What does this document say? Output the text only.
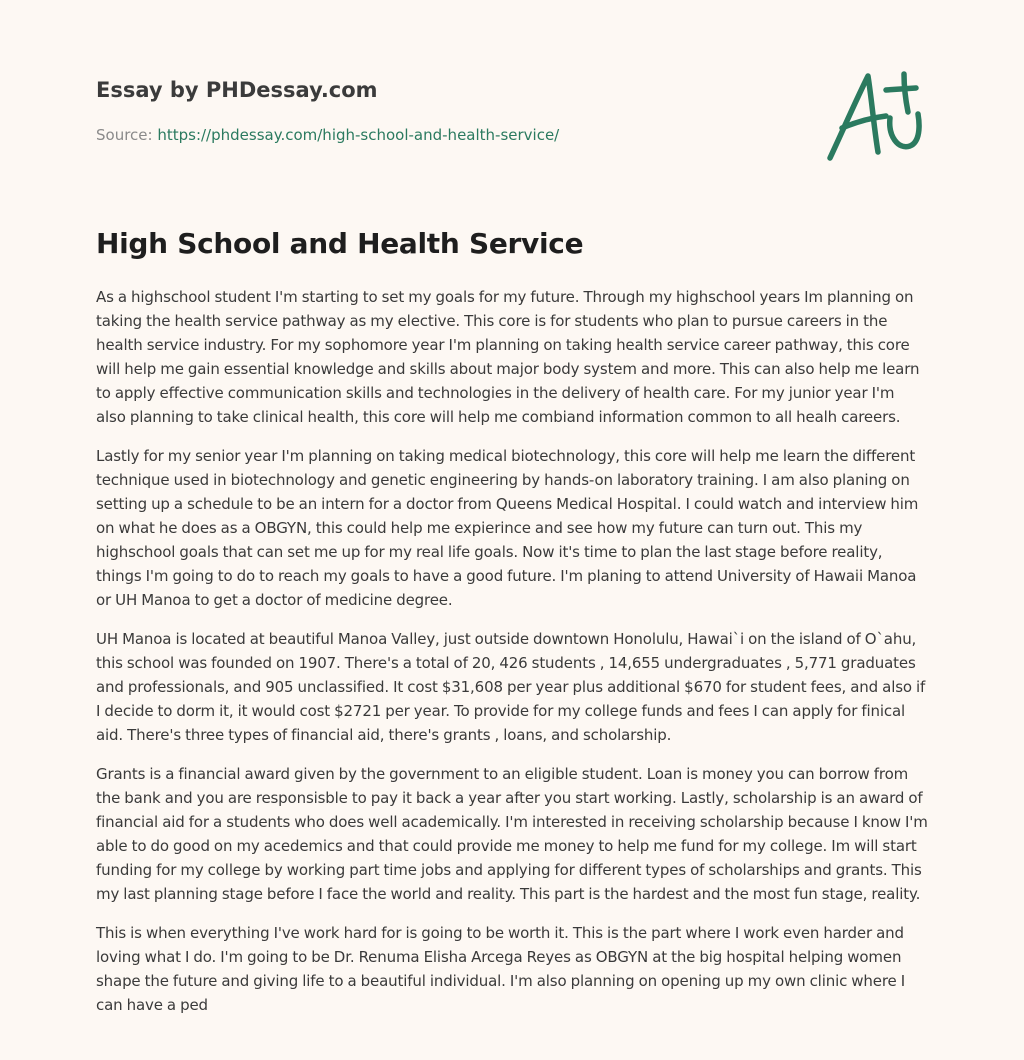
Essay by PHDessay.com
Source: https://phdessay.com/high-school-and-health-service/
High School and Health Service

As a highschool student I'm starting to set my goals for my future. Through my highschool years Im planning on taking the health service pathway as my elective. This core is for students who plan to pursue careers in the health service industry. For my sophomore year I'm planning on taking health service career pathway, this core will help me gain essential knowledge and skills about major body system and more. This can also help me learn to apply effective communication skills and technologies in the delivery of health care. For my junior year I'm also planning to take clinical health, this core will help me combiand information common to all healh careers.

Lastly for my senior year I'm planning on taking medical biotechnology, this core will help me learn the different technique used in biotechnology and genetic engineering by hands-on laboratory training. I am also planing on setting up a schedule to be an intern for a doctor from Queens Medical Hospital. I could watch and interview him on what he does as a OBGYN, this could help me expierince and see how my future can turn out. This my highschool goals that can set me up for my real life goals. Now it's time to plan the last stage before reality, things I'm going to do to reach my goals to have a good future. I'm planing to attend University of Hawaii Manoa or UH Manoa to get a doctor of medicine degree.

UH Manoa is located at beautiful Manoa Valley, just outside downtown Honolulu, Hawai`i on the island of O`ahu, this school was founded on 1907. There's a total of 20, 426 students , 14,655 undergraduates , 5,771 graduates and professionals, and 905 unclassified. It cost $31,608 per year plus additional $670 for student fees, and also if I decide to dorm it, it would cost $2721 per year. To provide for my college funds and fees I can apply for finical aid. There's three types of financial aid, there's grants , loans, and scholarship.

Grants is a financial award given by the government to an eligible student. Loan is money you can borrow from the bank and you are responsisble to pay it back a year after you start working. Lastly, scholarship is an award of financial aid for a students who does well academically. I'm interested in receiving scholarship because I know I'm able to do good on my acedemics and that could provide me money to help me fund for my college. Im will start funding for my college by working part time jobs and applying for different types of scholarships and grants. This my last planning stage before I face the world and reality. This part is the hardest and the most fun stage, reality.

This is when everything I've work hard for is going to be worth it. This is the part where I work even harder and loving what I do. I'm going to be Dr. Renuma Elisha Arcega Reyes as OBGYN at the big hospital helping women shape the future and giving life to a beautiful individual. I'm also planning on opening up my own clinic where I can have a ped
